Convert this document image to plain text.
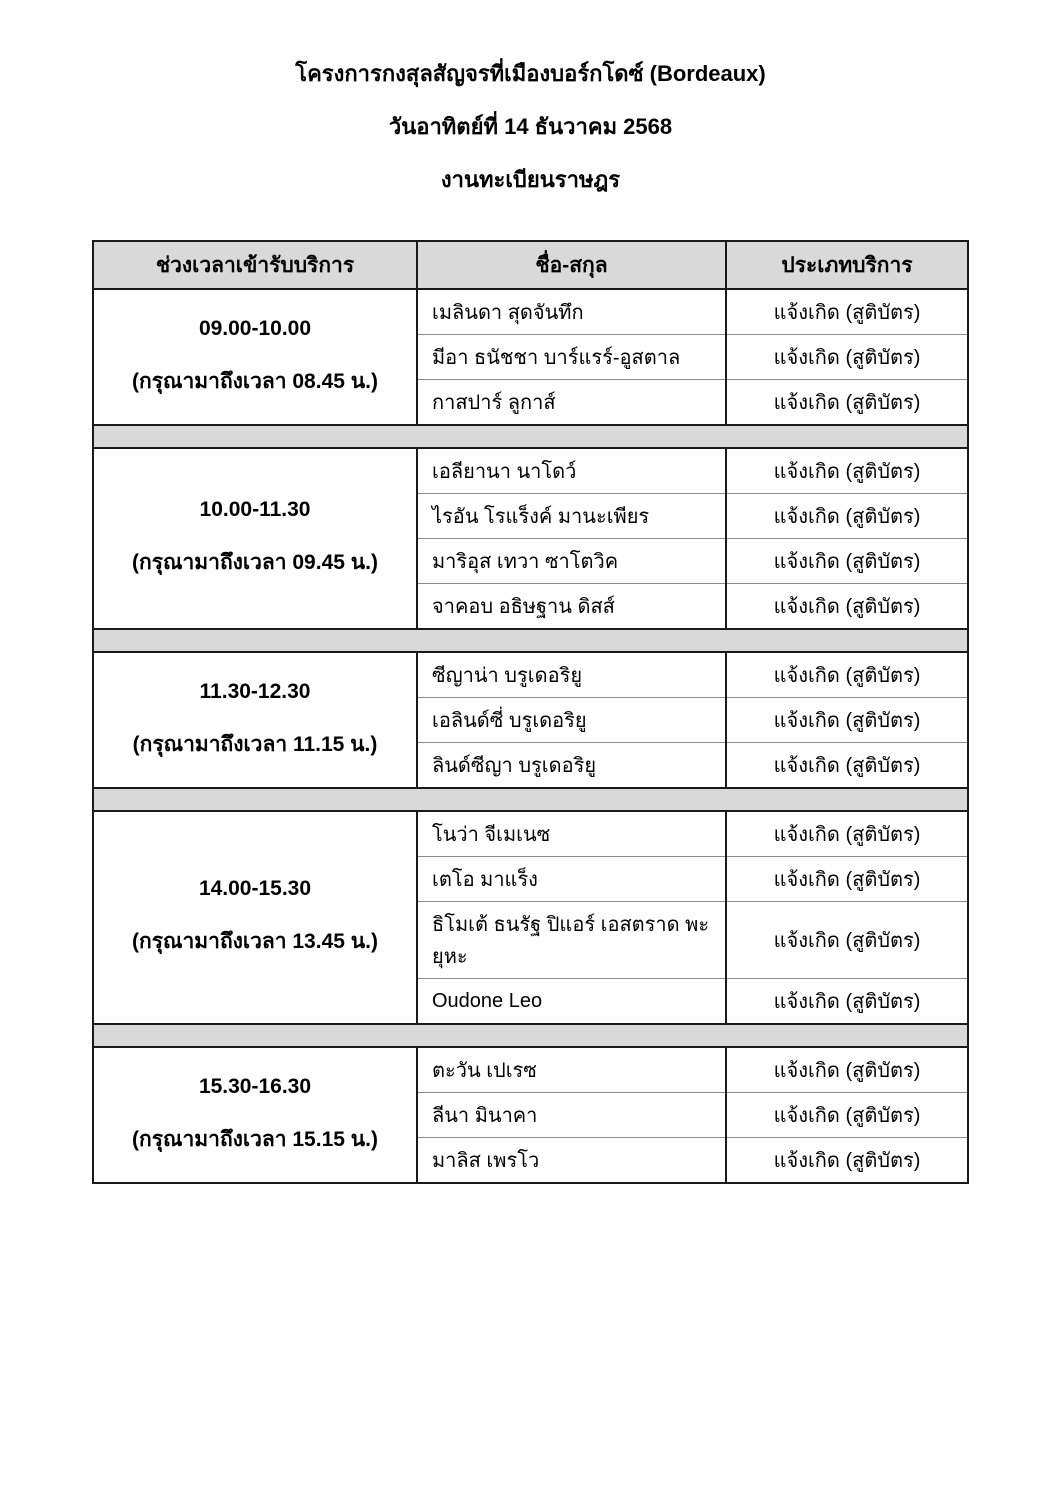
โครงการกงสุลสัญจรที่เมืองบอร์กโดซ์ (Bordeaux)
วันอาทิตย์ที่ 14 ธันวาคม 2568
งานทะเบียนราษฎร
ช่วงเวลาเข้ารับบริการ	ชื่อ-สกุล	ประเภทบริการ

09.00-10.00
(กรุณามาถึงเวลา 08.45 น.)	เมลินดา สุดจันทึก	แจ้งเกิด (สูติบัตร)
	มีอา ธนัชชา บาร์แรร์-อูสตาล	แจ้งเกิด (สูติบัตร)
	กาสปาร์ ลูกาส์	แจ้งเกิด (สูติบัตร)

10.00-11.30
(กรุณามาถึงเวลา 09.45 น.)	เอลียานา นาโดว์	แจ้งเกิด (สูติบัตร)
	ไรอัน โรแร็งค์ มานะเพียร	แจ้งเกิด (สูติบัตร)
	มาริอุส เทวา ซาโตวิค	แจ้งเกิด (สูติบัตร)
	จาคอบ อธิษฐาน ดิสส์	แจ้งเกิด (สูติบัตร)

11.30-12.30
(กรุณามาถึงเวลา 11.15 น.)	ซีญาน่า บรูเดอริยู	แจ้งเกิด (สูติบัตร)
	เอลินด์ซี่ บรูเดอริยู	แจ้งเกิด (สูติบัตร)
	ลินด์ซีญา บรูเดอริยู	แจ้งเกิด (สูติบัตร)

14.00-15.30
(กรุณามาถึงเวลา 13.45 น.)	โนว่า จีเมเนซ	แจ้งเกิด (สูติบัตร)
	เตโอ มาแร็ง	แจ้งเกิด (สูติบัตร)
	ธิโมเต้ ธนรัฐ ปิแอร์ เอสตราด พะยุหะ	แจ้งเกิด (สูติบัตร)
	Oudone Leo	แจ้งเกิด (สูติบัตร)

15.30-16.30
(กรุณามาถึงเวลา 15.15 น.)	ตะวัน เปเรซ	แจ้งเกิด (สูติบัตร)
	ลีนา มินาคา	แจ้งเกิด (สูติบัตร)
	มาลิส เพรโว	แจ้งเกิด (สูติบัตร)
